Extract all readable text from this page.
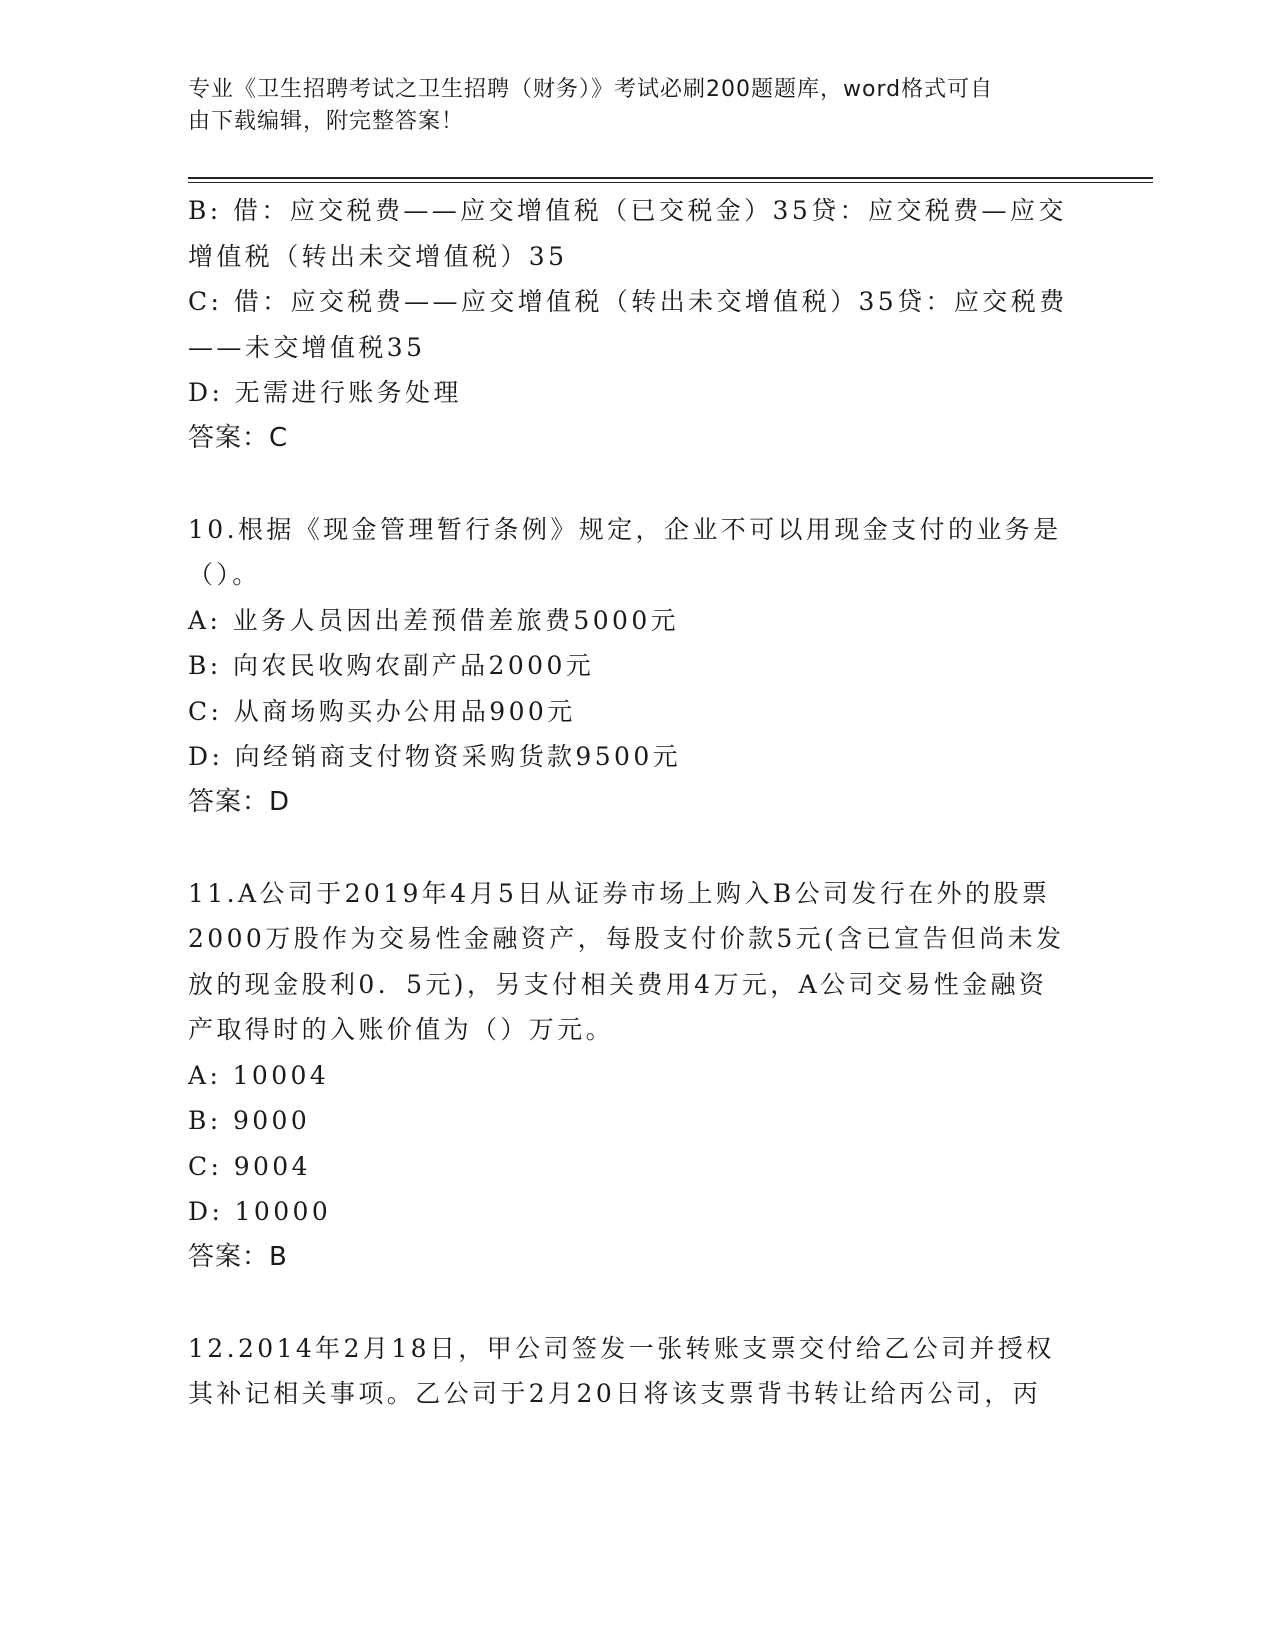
专业《卫生招聘考试之卫生招聘（财务）》考试必刷200题题库，word格式可自
由下载编辑，附完整答案！
B: 借：应交税费——应交增值税（已交税金）35贷：应交税费—应交
增值税（转出未交增值税）35
C: 借：应交税费——应交增值税（转出未交增值税）35贷：应交税费
——未交增值税35
D: 无需进行账务处理
答案：C
10.根据《现金管理暂行条例》规定，企业不可以用现金支付的业务是
（）。
A: 业务人员因出差预借差旅费5000元
B: 向农民收购农副产品2000元
C: 从商场购买办公用品900元
D: 向经销商支付物资采购货款9500元
答案：D
11.A公司于2019年4月5日从证券市场上购入B公司发行在外的股票
2000万股作为交易性金融资产，每股支付价款5元(含已宣告但尚未发
放的现金股利0．5元)，另支付相关费用4万元，A公司交易性金融资
产取得时的入账价值为（）万元。
A: 10004
B: 9000
C: 9004
D: 10000
答案：B
12.2014年2月18日，甲公司签发一张转账支票交付给乙公司并授权
其补记相关事项。乙公司于2月20日将该支票背书转让给丙公司，丙
